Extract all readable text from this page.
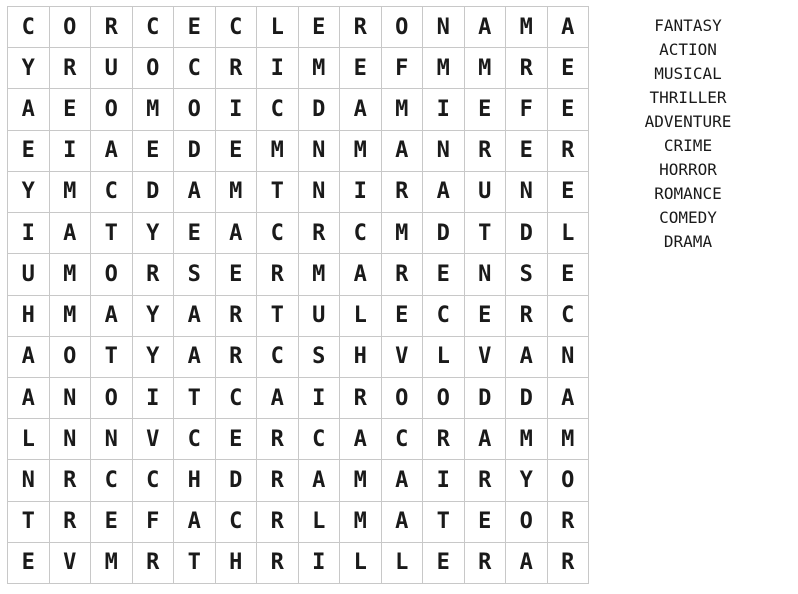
C	O	R	C	E	C	L	E	R	O	N	A	M	A
Y	R	U	O	C	R	I	M	E	F	M	M	R	E
A	E	O	M	O	I	C	D	A	M	I	E	F	E
E	I	A	E	D	E	M	N	M	A	N	R	E	R
Y	M	C	D	A	M	T	N	I	R	A	U	N	E
I	A	T	Y	E	A	C	R	C	M	D	T	D	L
U	M	O	R	S	E	R	M	A	R	E	N	S	E
H	M	A	Y	A	R	T	U	L	E	C	E	R	C
A	O	T	Y	A	R	C	S	H	V	L	V	A	N
A	N	O	I	T	C	A	I	R	O	O	D	D	A
L	N	N	V	C	E	R	C	A	C	R	A	M	M
N	R	C	C	H	D	R	A	M	A	I	R	Y	O
T	R	E	F	A	C	R	L	M	A	T	E	O	R
E	V	M	R	T	H	R	I	L	L	E	R	A	R
FANTASY
ACTION
MUSICAL
THRILLER
ADVENTURE
CRIME
HORROR
ROMANCE
COMEDY
DRAMA
